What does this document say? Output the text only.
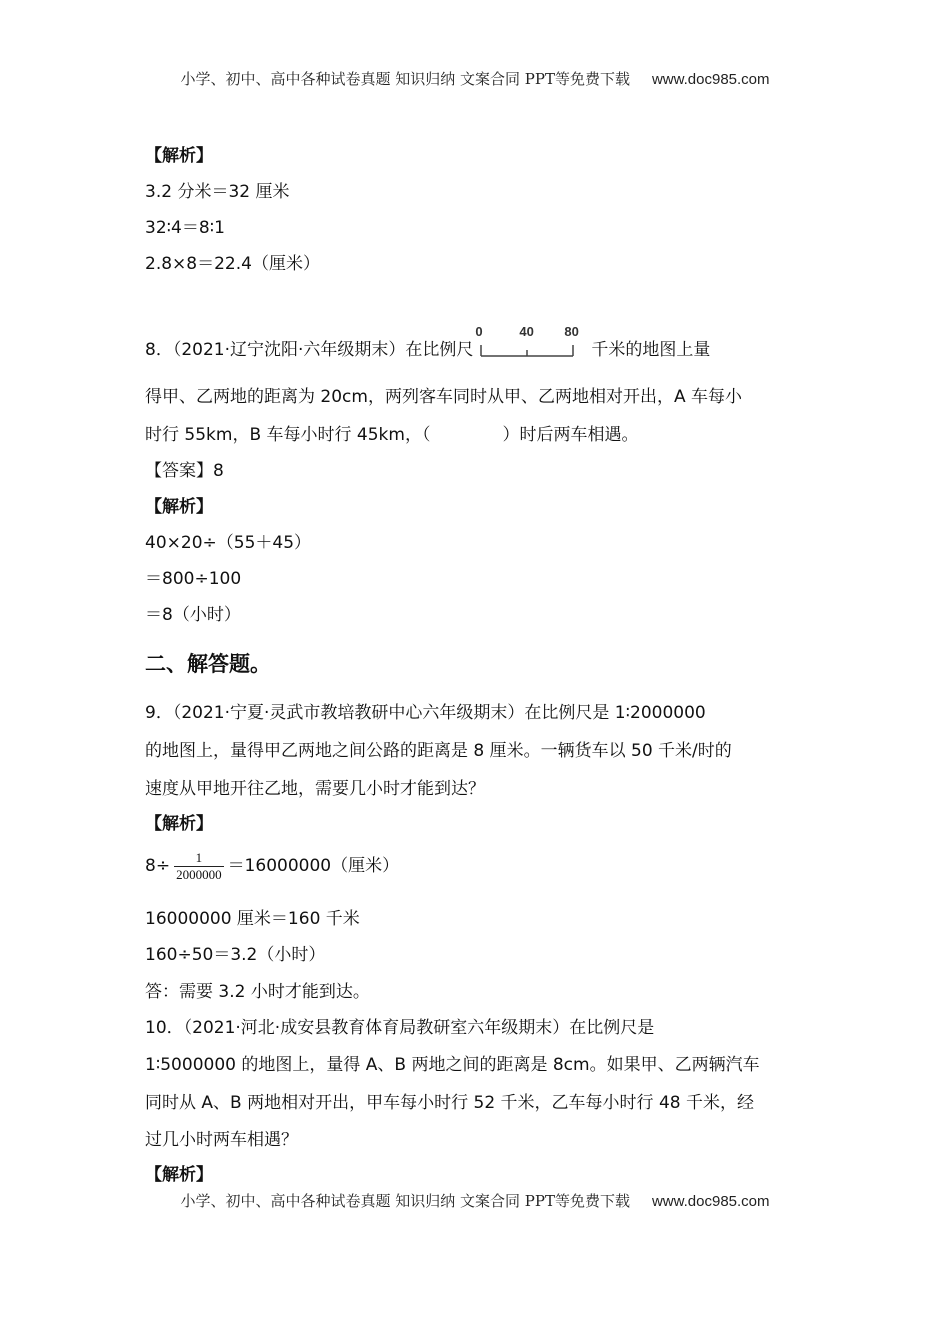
小学、初中、高中各种试卷真题 知识归纳 文案合同 PPT等免费下载 www.doc985.com
【解析】
3.2 分米＝32 厘米
32∶4＝8∶1
2.8×8＝22.4（厘米）
8．（2021·辽宁沈阳·六年级期末）在比例尺
0	40 80
千米的地图上量
得甲、乙两地的距离为 20cm，两列客车同时从甲、乙两地相对开出，A 车每小
时行 55km，B 车每小时行 45km，（	）时后两车相遇。
【答案】8
【解析】
40×20÷（55＋45）
＝800÷100
＝8（小时）
二、解答题。
9．（2021·宁夏·灵武市教培教研中心六年级期末）在比例尺是 1∶2000000
的地图上，量得甲乙两地之间公路的距离是 8 厘米。一辆货车以 50 千米/时的
速度从甲地开往乙地，需要几小时才能到达？
【解析】
$8\div \frac{1}{2000000} =16000000$（厘米）
16000000 厘米＝160 千米
160÷50＝3.2（小时）
答：需要 3.2 小时才能到达。
10．（2021·河北·成安县教育体育局教研室六年级期末）在比例尺是
1∶5000000 的地图上，量得 A、B 两地之间的距离是 8cm。如果甲、乙两辆汽车
同时从 A、B 两地相对开出，甲车每小时行 52 千米，乙车每小时行 48 千米，经
过几小时两车相遇？
【解析】
小学、初中、高中各种试卷真题 知识归纳 文案合同 PPT等免费下载 www.doc985.com
